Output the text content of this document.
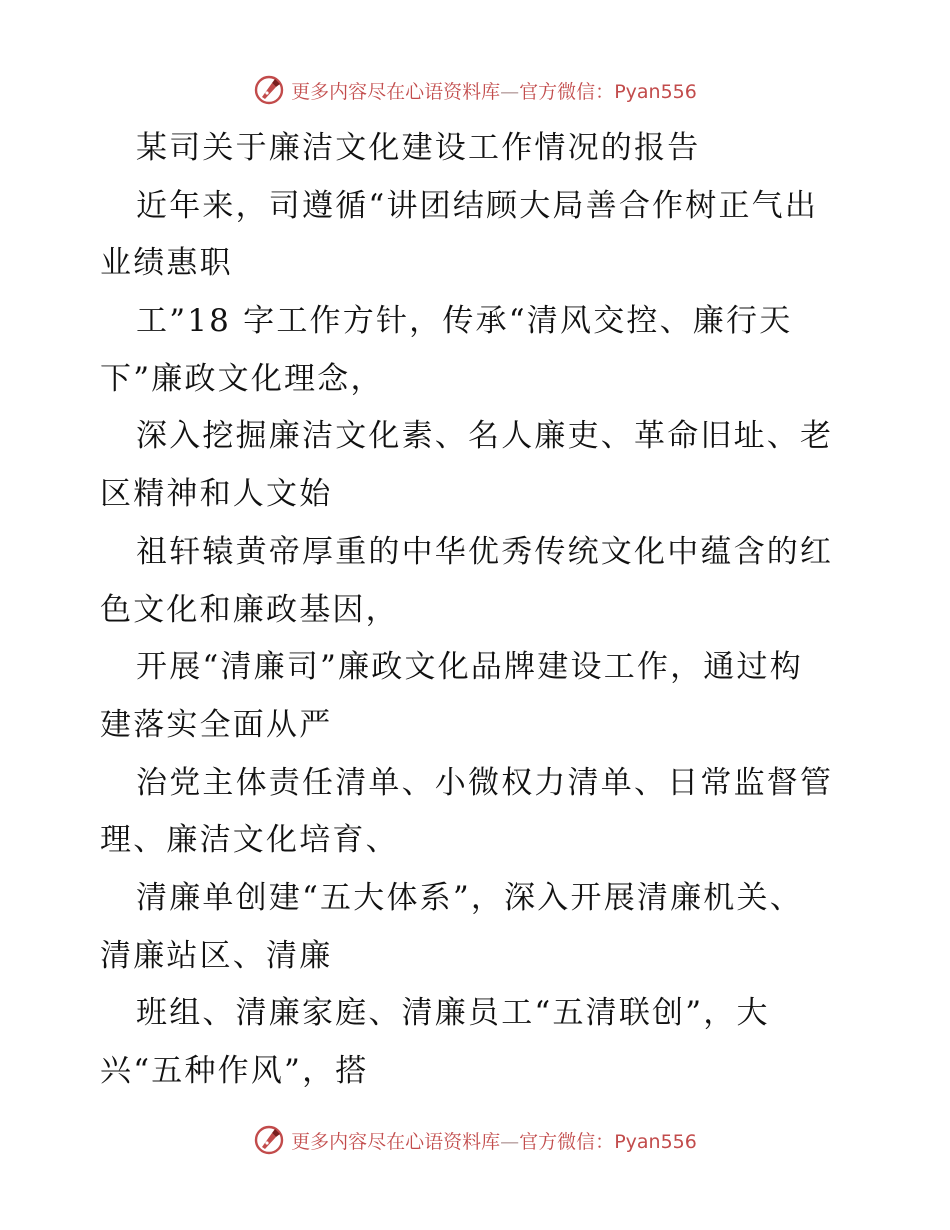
更多内容尽在心语资料库—官方微信：Pyan556
某司关于廉洁文化建设工作情况的报告
近年来，司遵循“讲团结顾大局善合作树正气出
业绩惠职
工”18 字工作方针，传承“清风交控、廉行天
下”廉政文化理念，
深入挖掘廉洁文化素、名人廉吏、革命旧址、老
区精神和人文始
祖轩辕黄帝厚重的中华优秀传统文化中蕴含的红
色文化和廉政基因，
开展“清廉司”廉政文化品牌建设工作，通过构
建落实全面从严
治党主体责任清单、小微权力清单、日常监督管
理、廉洁文化培育、
清廉单创建“五大体系”，深入开展清廉机关、
清廉站区、清廉
班组、清廉家庭、清廉员工“五清联创”，大
兴“五种作风”，搭
更多内容尽在心语资料库—官方微信：Pyan556
